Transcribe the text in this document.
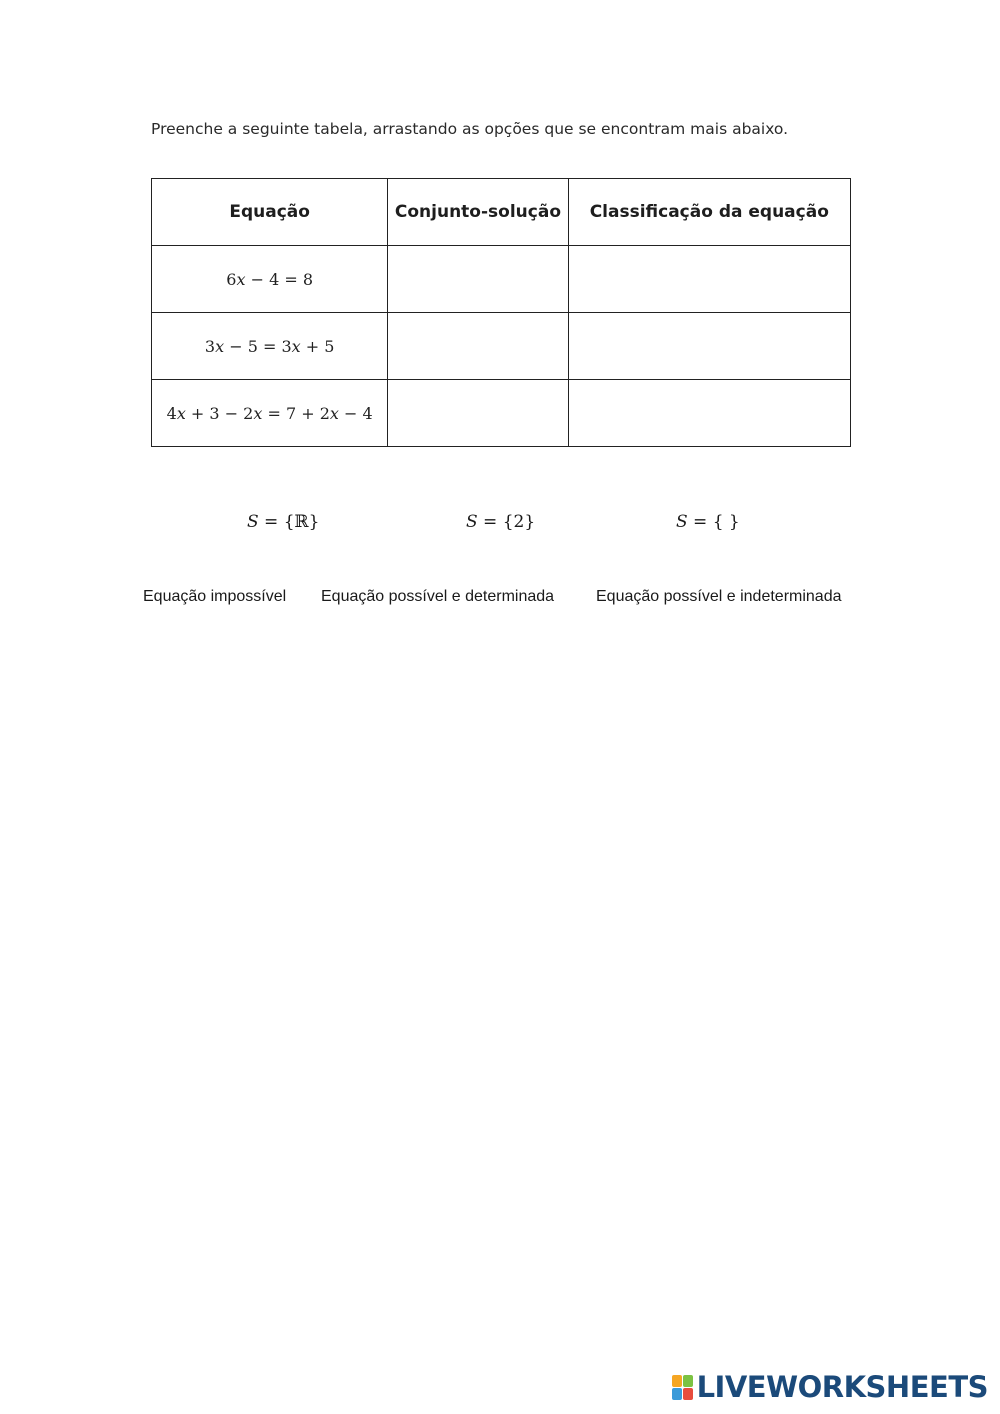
Preenche a seguinte tabela, arrastando as opções que se encontram mais abaixo.
Equação	Conjunto-solução	Classificação da equação
6𝑥 − 4 = 8		
3𝑥 − 5 = 3𝑥 + 5		
4𝑥 + 3 − 2𝑥 = 7 + 2𝑥 − 4		
𝑆 = {ℝ}	𝑆 = {2}	𝑆 = { }
Equação impossível Equação possível e determinada	Equação possível e indeterminada
LIVEWORKSHEETS
